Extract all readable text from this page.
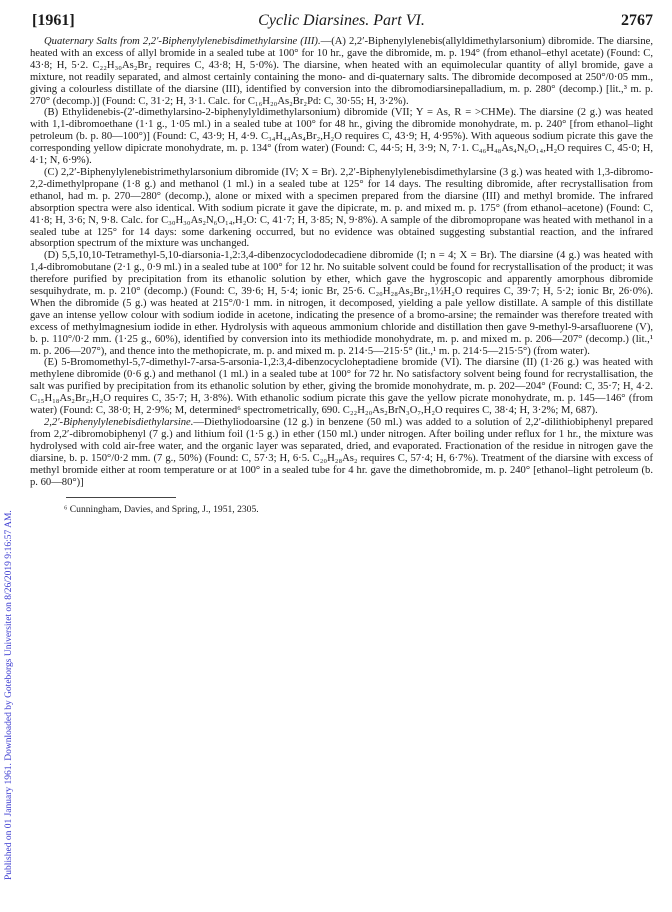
Published on 01 January 1961. Downloaded by Goteborgs Universitet on 8/26/2019 9:16:57 AM.
[1961]	Cyclic Diarsines. Part VI.	2767

Quaternary Salts from 2,2′-Biphenylylenebisdimethylarsine (III).—(A) 2,2′-Biphenylylenebis(allyldimethylarsonium) dibromide. The diarsine, heated with an excess of allyl bromide in a sealed tube at 100° for 10 hr., gave the dibromide, m. p. 194° (from ethanol–ethyl acetate) (Found: C, 43·8; H, 5·2. C₂₂H₃₀As₂Br₂ requires C, 43·8; H, 5·0%). The diarsine, when heated with an equimolecular quantity of allyl bromide, gave a mixture, not readily separated, and almost certainly containing the mono- and di-quaternary salts. The dibromide decomposed at 250°/0·05 mm., giving a colourless distillate of the diarsine (III), identified by conversion into the dibromodiarsinepalladium, m. p. 280° (decomp.) [lit.,³ m. p. 270° (decomp.)] (Found: C, 31·2; H, 3·1. Calc. for C₁₆H₂₀As₂Br₂Pd: C, 30·55; H, 3·2%).

(B) Ethylidenebis-(2′-dimethylarsino-2-biphenylyldimethylarsonium) dibromide (VII; Y = As, R = >CHMe). The diarsine (2 g.) was heated with 1,1-dibromoethane (1·1 g., 1·05 ml.) in a sealed tube at 100° for 48 hr., giving the dibromide monohydrate, m. p. 240° [from ethanol–light petroleum (b. p. 80—100°)] (Found: C, 43·9; H, 4·9. C₃₄H₄₄As₄Br₂,H₂O requires C, 43·9; H, 4·95%). With aqueous sodium picrate this gave the corresponding yellow dipicrate monohydrate, m. p. 134° (from water) (Found: C, 44·5; H, 3·9; N, 7·1. C₄₆H₄₈As₄N₆O₁₄,H₂O requires C, 45·0; H, 4·1; N, 6·9%).

(C) 2,2′-Biphenylylenebistrimethylarsonium dibromide (IV; X = Br). 2,2′-Biphenylylenebisdimethylarsine (3 g.) was heated with 1,3-dibromo-2,2-dimethylpropane (1·8 g.) and methanol (1 ml.) in a sealed tube at 125° for 14 days. The resulting dibromide, after recrystallisation from ethanol, had m. p. 270—280° (decomp.), alone or mixed with a specimen prepared from the diarsine (III) and methyl bromide. The infrared absorption spectra were also identical. With sodium picrate it gave the dipicrate, m. p. and mixed m. p. 175° (from ethanol–acetone) (Found: C, 41·8; H, 3·6; N, 9·8. Calc. for C₃₀H₃₀As₂N₆O₁₄,H₂O: C, 41·7; H, 3·85; N, 9·8%). A sample of the dibromopropane was heated with methanol in a sealed tube at 125° for 14 days: some darkening occurred, but no evidence was obtained suggesting substantial reaction, and the infrared absorption spectrum of the mixture was unchanged.

(D) 5,5,10,10-Tetramethyl-5,10-diarsonia-1,2:3,4-dibenzocyclododecadiene dibromide (I; n = 4; X = Br). The diarsine (4 g.) was heated with 1,4-dibromobutane (2·1 g., 0·9 ml.) in a sealed tube at 100° for 12 hr. No suitable solvent could be found for recrystallisation of the product; it was therefore purified by precipitation from its ethanolic solution by ether, which gave the hygroscopic and apparently amorphous dibromide sesquihydrate, m. p. 210° (decomp.) (Found: C, 39·6; H, 5·4; ionic Br, 25·6. C₂₀H₂₈As₂Br₂,1½H₂O requires C, 39·7; H, 5·2; ionic Br, 26·0%). When the dibromide (5 g.) was heated at 215°/0·1 mm. in nitrogen, it decomposed, yielding a pale yellow distillate. A sample of this distillate gave an intense yellow colour with sodium iodide in acetone, indicating the presence of a bromo-arsine; the remainder was therefore treated with excess of methylmagnesium iodide in ether. Hydrolysis with aqueous ammonium chloride and distillation then gave 9-methyl-9-arsafluorene (V), b. p. 110°/0·2 mm. (1·25 g., 60%), identified by conversion into its methiodide monohydrate, m. p. and mixed m. p. 206—207° (decomp.) (lit.,¹ m. p. 206—207°), and thence into the methopicrate, m. p. and mixed m. p. 214·5—215·5° (lit.,¹ m. p. 214·5—215·5°) (from water).

(E) 5-Bromomethyl-5,7-dimethyl-7-arsa-5-arsonia-1,2:3,4-dibenzocycloheptadiene bromide (VI). The diarsine (II) (1·26 g.) was heated with methylene dibromide (0·6 g.) and methanol (1 ml.) in a sealed tube at 100° for 72 hr. No satisfactory solvent being found for recrystallisation, the salt was purified by precipitation from its ethanolic solution by ether, giving the bromide monohydrate, m. p. 202—204° (Found: C, 35·7; H, 4·2. C₁₅H₁₈As₂Br₂,H₂O requires C, 35·7; H, 3·8%). With ethanolic sodium picrate this gave the yellow picrate monohydrate, m. p. 145—146° (from water) (Found: C, 38·0; H, 2·9%; M, determined⁶ spectrometrically, 690. C₂₂H₂₀As₂BrN₃O₇,H₂O requires C, 38·4; H, 3·2%; M, 687).

2,2′-Biphenylylenebisdiethylarsine.—Diethyliodoarsine (12 g.) in benzene (50 ml.) was added to a solution of 2,2′-dilithiobiphenyl prepared from 2,2′-dibromobiphenyl (7 g.) and lithium foil (1·5 g.) in ether (150 ml.) under nitrogen. After boiling under reflux for 1 hr., the mixture was hydrolysed with cold air-free water, and the organic layer was separated, dried, and evaporated. Fractionation of the residue in nitrogen gave the diarsine, b. p. 150°/0·2 mm. (7 g., 50%) (Found: C, 57·3; H, 6·5. C₂₀H₂₈As₂ requires C, 57·4; H, 6·7%). Treatment of the diarsine with excess of methyl bromide either at room temperature or at 100° in a sealed tube for 4 hr. gave the dimethobromide, m. p. 240° [ethanol–light petroleum (b. p. 60—80°)]

⁶ Cunningham, Davies, and Spring, J., 1951, 2305.
